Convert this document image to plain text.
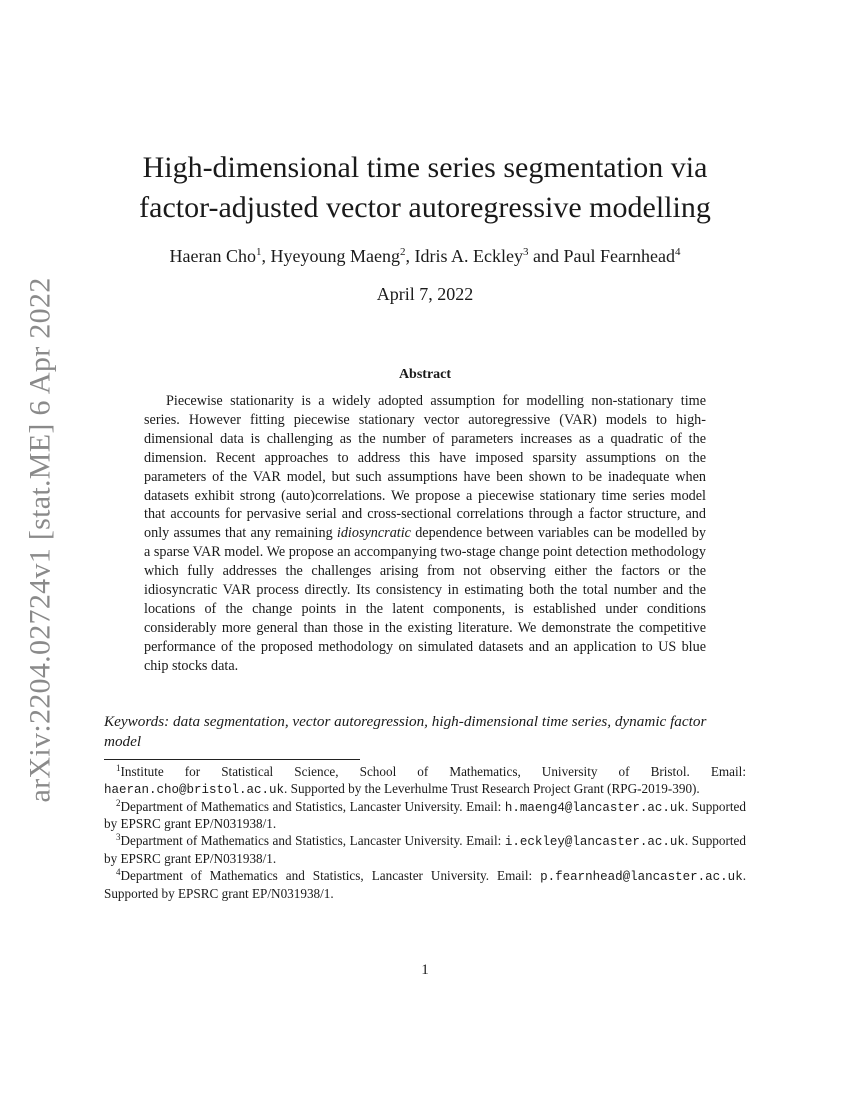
arXiv:2204.02724v1 [stat.ME] 6 Apr 2022
High-dimensional time series segmentation via
factor-adjusted vector autoregressive modelling
Haeran Cho$^1$, Hyeyoung Maeng$^2$, Idris A. Eckley$^3$ and Paul Fearnhead$^4$
April 7, 2022
Abstract
Piecewise stationarity is a widely adopted assumption for modelling non-stationary time series. However fitting piecewise stationary vector autoregressive (VAR) models to high-dimensional data is challenging as the number of parameters increases as a quadratic of the dimension. Recent approaches to address this have imposed sparsity assumptions on the parameters of the VAR model, but such assumptions have been shown to be inadequate when datasets exhibit strong (auto)correlations. We propose a piecewise stationary time series model that accounts for pervasive serial and cross-sectional correlations through a factor structure, and only assumes that any remaining idiosyncratic dependence between variables can be modelled by a sparse VAR model. We propose an accompanying two-stage change point detection methodology which fully addresses the challenges arising from not observing either the factors or the idiosyncratic VAR process directly. Its consistency in estimating both the total number and the locations of the change points in the latent components, is established under conditions considerably more general than those in the existing literature. We demonstrate the competitive performance of the proposed methodology on simulated datasets and an application to US blue chip stocks data.
Keywords: data segmentation, vector autoregression, high-dimensional time series, dynamic factor model
$^1$Institute for Statistical Science, School of Mathematics, University of Bristol. Email: haeran.cho@bristol.ac.uk. Supported by the Leverhulme Trust Research Project Grant (RPG-2019-390).
$^2$Department of Mathematics and Statistics, Lancaster University. Email: h.maeng4@lancaster.ac.uk. Supported by EPSRC grant EP/N031938/1.
$^3$Department of Mathematics and Statistics, Lancaster University. Email: i.eckley@lancaster.ac.uk. Supported by EPSRC grant EP/N031938/1.
$^4$Department of Mathematics and Statistics, Lancaster University. Email: p.fearnhead@lancaster.ac.uk. Supported by EPSRC grant EP/N031938/1.
1
